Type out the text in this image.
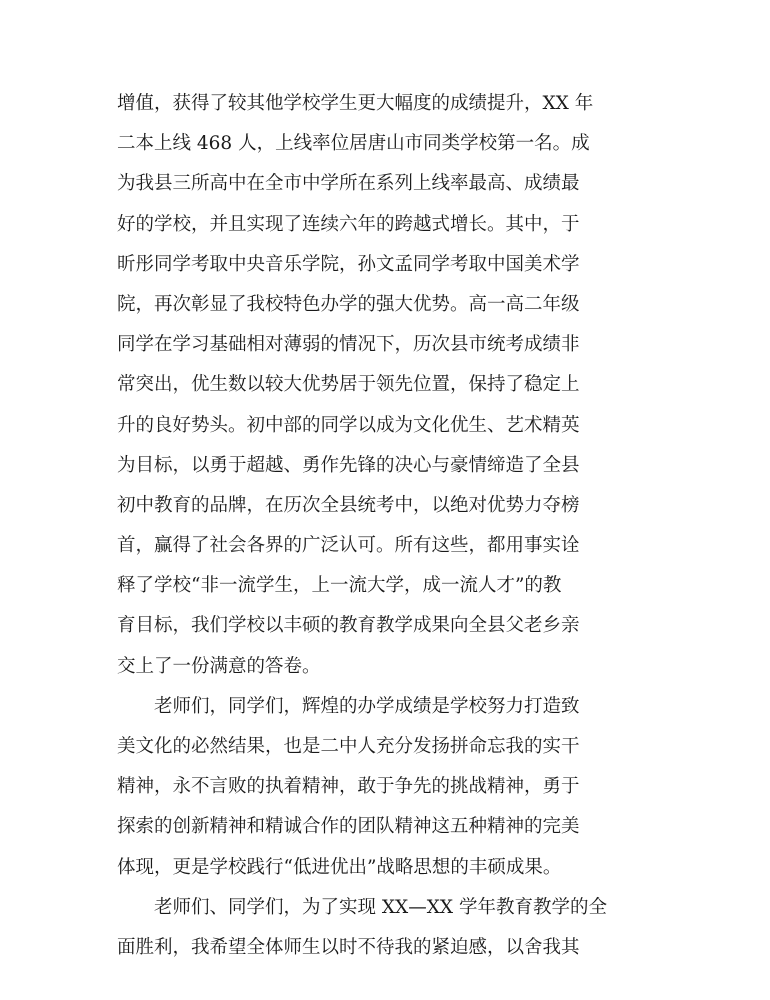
增值，获得了较其他学校学生更大幅度的成绩提升，XX 年
二本上线 468 人，上线率位居唐山市同类学校第一名。成
为我县三所高中在全市中学所在系列上线率最高、成绩最
好的学校，并且实现了连续六年的跨越式增长。其中，于
昕彤同学考取中央音乐学院，孙文孟同学考取中国美术学
院，再次彰显了我校特色办学的强大优势。高一高二年级
同学在学习基础相对薄弱的情况下，历次县市统考成绩非
常突出，优生数以较大优势居于领先位置，保持了稳定上
升的良好势头。初中部的同学以成为文化优生、艺术精英
为目标，以勇于超越、勇作先锋的决心与豪情缔造了全县
初中教育的品牌，在历次全县统考中，以绝对优势力夺榜
首，赢得了社会各界的广泛认可。所有这些，都用事实诠
释了学校“非一流学生，上一流大学，成一流人才”的教
育目标，我们学校以丰硕的教育教学成果向全县父老乡亲
交上了一份满意的答卷。
　　老师们，同学们，辉煌的办学成绩是学校努力打造致
美文化的必然结果，也是二中人充分发扬拼命忘我的实干
精神，永不言败的执着精神，敢于争先的挑战精神，勇于
探索的创新精神和精诚合作的团队精神这五种精神的完美
体现，更是学校践行“低进优出”战略思想的丰硕成果。
　　老师们、同学们，为了实现 XX—XX 学年教育教学的全
面胜利，我希望全体师生以时不待我的紧迫感，以舍我其
